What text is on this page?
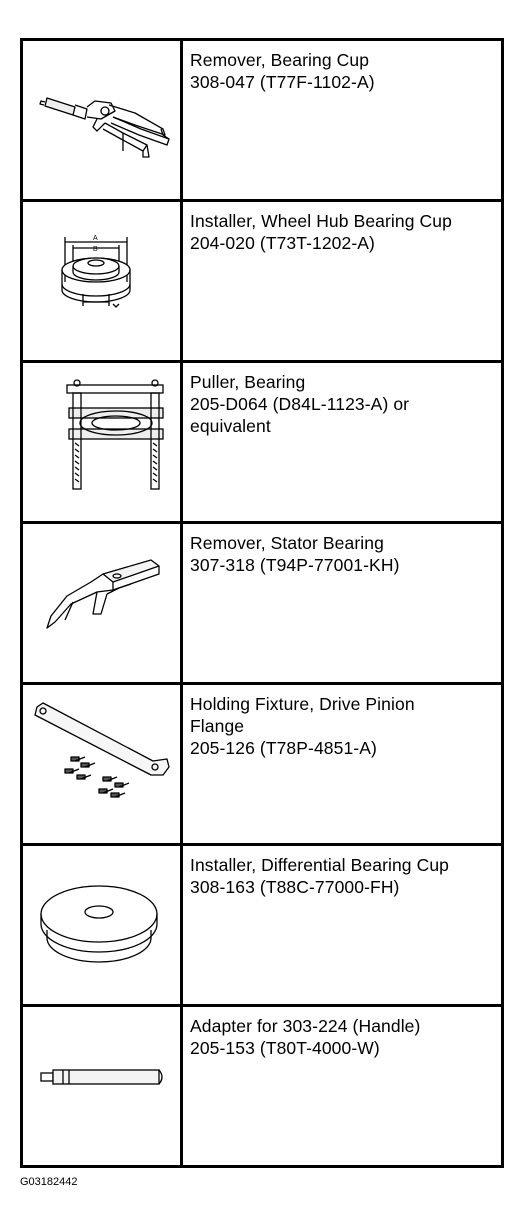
Remover, Bearing Cup
308-047 (T77F-1102-A)

A
B	Installer, Wheel Hub Bearing Cup
204-020 (T73T-1202-A)

Puller, Bearing
205-D064 (D84L-1123-A) or
equivalent

Remover, Stator Bearing
307-318 (T94P-77001-KH)

Holding Fixture, Drive Pinion
Flange
205-126 (T78P-4851-A)

Installer, Differential Bearing Cup
308-163 (T88C-77000-FH)

Adapter for 303-224 (Handle)
205-153 (T80T-4000-W)
G03182442
